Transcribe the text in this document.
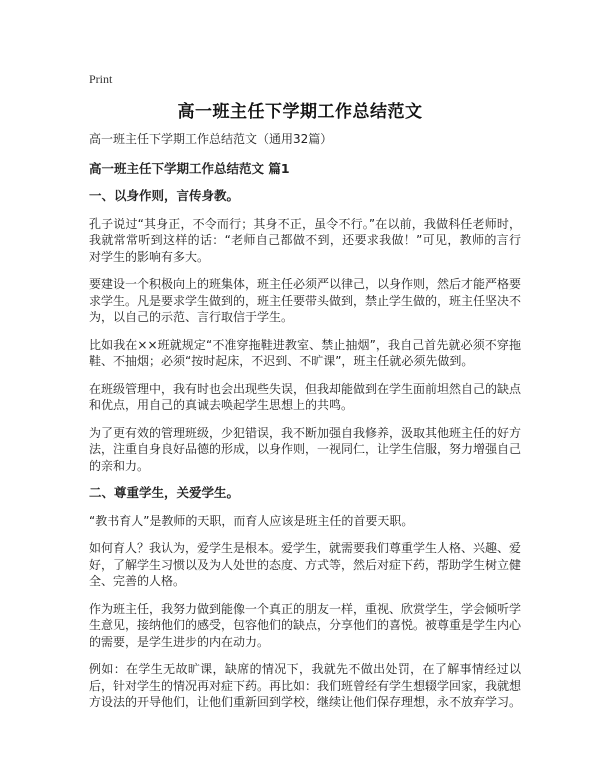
Print
高一班主任下学期工作总结范文

高一班主任下学期工作总结范文（通用32篇）

高一班主任下学期工作总结范文 篇1

一、以身作则，言传身教。

孔子说过“其身正，不令而行；其身不正，虽令不行。”在以前，我做科任老师时，我就常常听到这样的话：“老师自己都做不到，还要求我做！”可见，教师的言行对学生的影响有多大。

要建设一个积极向上的班集体，班主任必须严以律己，以身作则，然后才能严格要求学生。凡是要求学生做到的，班主任要带头做到，禁止学生做的，班主任坚决不为，以自己的示范、言行取信于学生。

比如我在××班就规定“不准穿拖鞋进教室、禁止抽烟”，我自己首先就必须不穿拖鞋、不抽烟；必须“按时起床，不迟到、不旷课”，班主任就必须先做到。

在班级管理中，我有时也会出现些失误，但我却能做到在学生面前坦然自己的缺点和优点，用自己的真诚去唤起学生思想上的共鸣。

为了更有效的管理班级，少犯错误，我不断加强自我修养，汲取其他班主任的好方法，注重自身良好品德的形成，以身作则，一视同仁，让学生信服，努力增强自己的亲和力。

二、尊重学生，关爱学生。

“教书育人”是教师的天职，而育人应该是班主任的首要天职。

如何育人？我认为，爱学生是根本。爱学生，就需要我们尊重学生人格、兴趣、爱好，了解学生习惯以及为人处世的态度、方式等，然后对症下药，帮助学生树立健全、完善的人格。

作为班主任，我努力做到能像一个真正的朋友一样，重视、欣赏学生，学会倾听学生意见，接纳他们的感受，包容他们的缺点，分享他们的喜悦。被尊重是学生内心的需要，是学生进步的内在动力。

例如：在学生无故旷课，缺席的情况下，我就先不做出处罚，在了解事情经过以后，针对学生的情况再对症下药。再比如：我们班曾经有学生想辍学回家，我就想方设法的开导他们，让他们重新回到学校，继续让他们保存理想，永不放弃学习。
